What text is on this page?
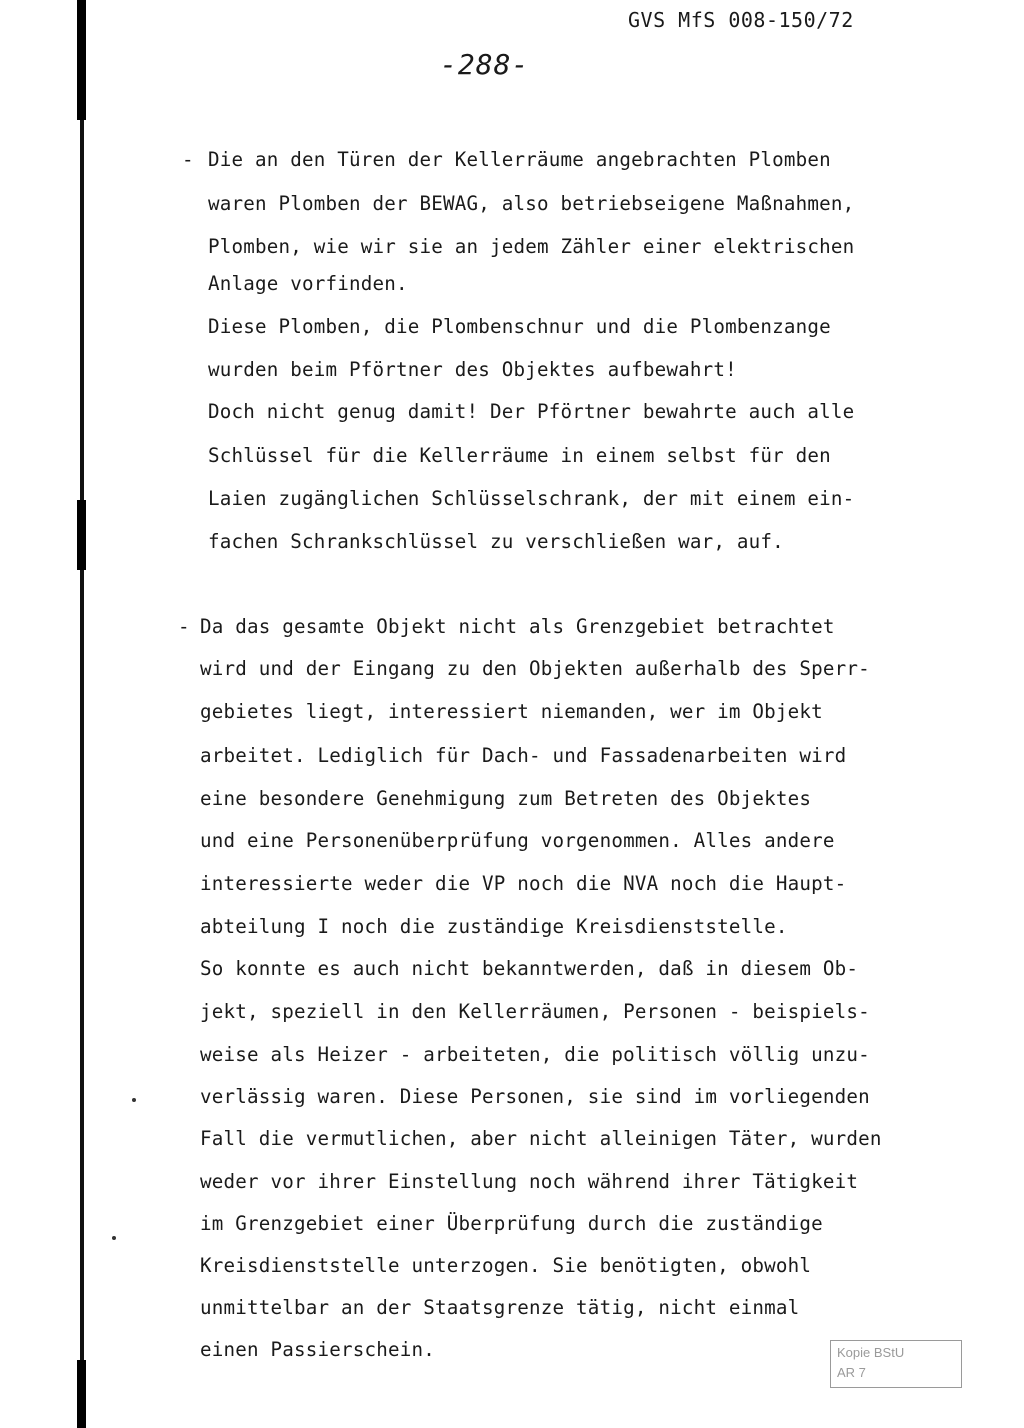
GVS MfS 008-150/72
-288-
- Die an den Türen der Kellerräume angebrachten Plomben
waren Plomben der BEWAG, also betriebseigene Maßnahmen,
Plomben, wie wir sie an jedem Zähler einer elektrischen
Anlage vorfinden.
Diese Plomben, die Plombenschnur und die Plombenzange
wurden beim Pförtner des Objektes aufbewahrt!
Doch nicht genug damit! Der Pförtner bewahrte auch alle
Schlüssel für die Kellerräume in einem selbst für den
Laien zugänglichen Schlüsselschrank, der mit einem ein-
fachen Schrankschlüssel zu verschließen war, auf.
- Da das gesamte Objekt nicht als Grenzgebiet betrachtet
wird und der Eingang zu den Objekten außerhalb des Sperr-
gebietes liegt, interessiert niemanden, wer im Objekt
arbeitet. Lediglich für Dach- und Fassadenarbeiten wird
eine besondere Genehmigung zum Betreten des Objektes
und eine Personenüberprüfung vorgenommen. Alles andere
interessierte weder die VP noch die NVA noch die Haupt-
abteilung I noch die zuständige Kreisdienststelle.
So konnte es auch nicht bekanntwerden, daß in diesem Ob-
jekt, speziell in den Kellerräumen, Personen - beispiels-
weise als Heizer - arbeiteten, die politisch völlig unzu-
verlässig waren. Diese Personen, sie sind im vorliegenden
Fall die vermutlichen, aber nicht alleinigen Täter, wurden
weder vor ihrer Einstellung noch während ihrer Tätigkeit
im Grenzgebiet einer Überprüfung durch die zuständige
Kreisdienststelle unterzogen. Sie benötigten, obwohl
unmittelbar an der Staatsgrenze tätig, nicht einmal
einen Passierschein.	Kopie BStU
AR 7
